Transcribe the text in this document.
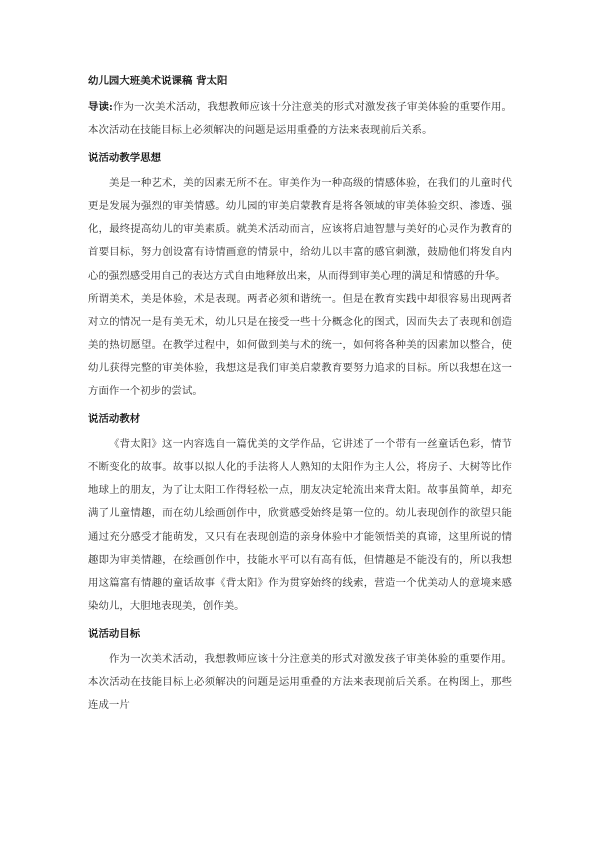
幼儿园大班美术说课稿 背太阳

导读:作为一次美术活动，我想教师应该十分注意美的形式对激发孩子审美体验的重要作用。本次活动在技能目标上必须解决的问题是运用重叠的方法来表现前后关系。

说活动教学思想

美是一种艺术，美的因素无所不在。审美作为一种高级的情感体验，在我们的儿童时代更是发展为强烈的审美情感。幼儿园的审美启蒙教育是将各领域的审美体验交织、渗透、强化，最终提高幼儿的审美素质。就美术活动而言，应该将启迪智慧与美好的心灵作为教育的首要目标，努力创设富有诗情画意的情景中，给幼儿以丰富的感官刺激，鼓励他们将发自内心的强烈感受用自己的表达方式自由地释放出来，从而得到审美心理的满足和情感的升华。

所谓美术，美是体验，术是表现。两者必须和谐统一。但是在教育实践中却很容易出现两者对立的情况一是有美无术，幼儿只是在接受一些十分概念化的图式，因而失去了表现和创造美的热切愿望。在教学过程中，如何做到美与术的统一，如何将各种美的因素加以整合，使幼儿获得完整的审美体验，我想这是我们审美启蒙教育要努力追求的目标。所以我想在这一方面作一个初步的尝试。

说活动教材

《背太阳》这一内容选自一篇优美的文学作品，它讲述了一个带有一丝童话色彩，情节不断变化的故事。故事以拟人化的手法将人人熟知的太阳作为主人公，将房子、大树等比作地球上的朋友，为了让太阳工作得轻松一点，朋友决定轮流出来背太阳。故事虽简单，却充满了儿童情趣，而在幼儿绘画创作中，欣赏感受始终是第一位的。幼儿表现创作的欲望只能通过充分感受才能萌发，又只有在表现创造的亲身体验中才能领悟美的真谛，这里所说的情趣即为审美情趣，在绘画创作中，技能水平可以有高有低，但情趣是不能没有的，所以我想用这篇富有情趣的童话故事《背太阳》作为贯穿始终的线索，营造一个优美动人的意境来感染幼儿，大胆地表现美，创作美。

说活动目标

作为一次美术活动，我想教师应该十分注意美的形式对激发孩子审美体验的重要作用。本次活动在技能目标上必须解决的问题是运用重叠的方法来表现前后关系。在构图上，那些连成一片
